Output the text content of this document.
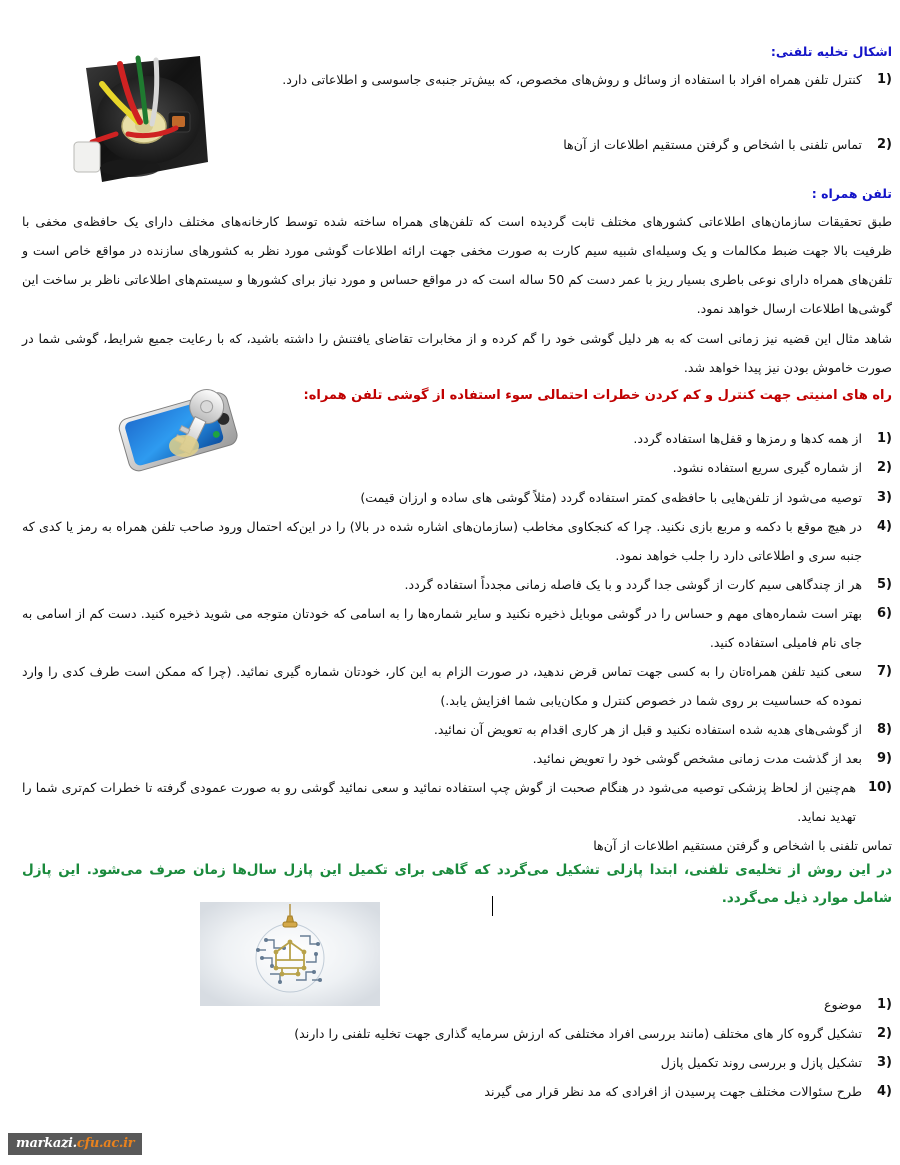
اشکال تخلیه تلفنی:
1)
کنترل تلفن همراه افراد با استفاده از وسائل و روش‌های مخصوص، که بیش‌تر جنبه‌ی جاسوسی و اطلاعاتی دارد.
2)
تماس تلفنی با اشخاص و گرفتن مستقیم اطلاعات از آن‌ها
تلفن همراه :
طبق تحقیقات سازمان‌های اطلاعاتی کشورهای مختلف ثابت گردیده است که تلفن‌های همراه ساخته شده توسط کارخانه‌های مختلف دارای یک حافظه‌ی مخفی با ظرفیت بالا جهت ضبط مکالمات و یک وسیله‌ای شبیه سیم کارت به صورت مخفی جهت ارائه اطلاعات گوشی مورد نظر به کشورهای سازنده در مواقع خاص است و تلفن‌های همراه دارای نوعی باطری بسیار ریز با عمر دست کم 50 ساله است که در مواقع حساس و مورد نیاز برای کشورها و سیستم‌های اطلاعاتی ناظر بر ساخت این گوشی‌ها اطلاعات ارسال خواهد نمود.
شاهد مثال این قضیه نیز زمانی است که به هر دلیل گوشی خود را گم کرده و از مخابرات تقاضای یافتنش را داشته باشید، که با رعایت جمیع شرایط، گوشی شما در صورت خاموش بودن نیز پیدا خواهد شد.
راه های امنیتی جهت کنترل و کم کردن خطرات احتمالی سوء استفاده از گوشی تلفن همراه:
1)
از همه کدها و رمزها و قفل‌ها استفاده گردد.
2)
از شماره گیری سریع استفاده نشود.
3)
توصیه می‌شود از تلفن‌هایی با حافظه‌ی کمتر استفاده گردد (مثلاً گوشی های ساده و ارزان قیمت)
4)
در هیچ موقع با دکمه و مربع بازی نکنید. چرا که کنجکاوی مخاطب (سازمان‌های اشاره شده در بالا) را در این‌که احتمال ورود صاحب تلفن همراه به رمز یا کدی که جنبه سری و اطلاعاتی دارد را جلب خواهد نمود.
5)
هر از چندگاهی سیم کارت از گوشی جدا گردد و با یک فاصله زمانی مجدداً استفاده گردد.
6)
بهتر است شماره‌های مهم و حساس را در گوشی موبایل ذخیره نکنید و سایر شماره‌ها را به اسامی که خودتان متوجه می شوید ذخیره کنید. دست کم از اسامی به جای نام فامیلی استفاده کنید.
7)
سعی کنید تلفن همراه‌تان را به کسی جهت تماس قرض ندهید، در صورت الزام به این کار، خودتان شماره گیری نمائید. (چرا که ممکن است طرف کدی را وارد نموده که حساسیت بر روی شما در خصوص کنترل و مکان‌یابی شما افزایش یابد.)
8)
از گوشی‌های هدیه شده استفاده نکنید و قبل از هر کاری اقدام به تعویض آن نمائید.
9)
بعد از گذشت مدت زمانی مشخص گوشی خود را تعویض نمائید.
10)
هم‌چنین از لحاظ پزشکی توصیه می‌شود در هنگام صحبت از گوش چپ استفاده نمائید و سعی نمائید گوشی رو به صورت عمودی گرفته تا خطرات کم‌تری شما را تهدید نماید.
تماس تلفنی با اشخاص و گرفتن مستقیم اطلاعات از آن‌ها
در این روش از تخلیه‌ی تلفنی، ابتدا پازلی تشکیل می‌گردد که گاهی برای تکمیل این پازل سال‌ها زمان صرف می‌شود. این پازل شامل موارد ذیل می‌گردد.
1)
موضوع
2)
تشکیل گروه کار های مختلف (مانند بررسی افراد مختلفی که ارزش سرمایه گذاری جهت تخلیه تلفنی را دارند)
3)
تشکیل پازل و بررسی روند تکمیل پازل
4)
طرح سئوالات مختلف جهت پرسیدن از افرادی که مد نظر قرار می گیرند
markazi.cfu.ac.ir
